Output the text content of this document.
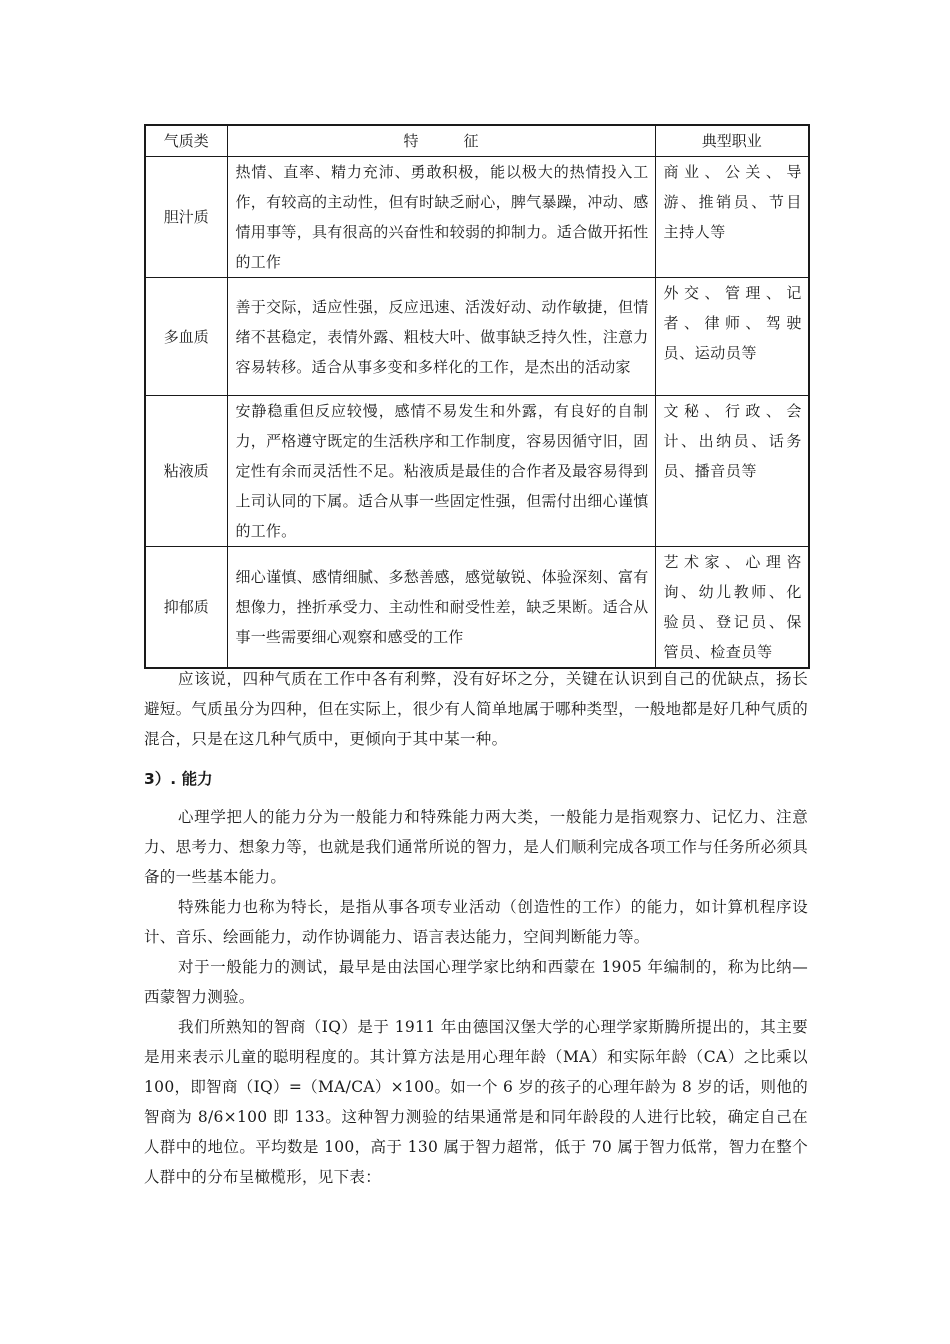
气质类	特　　　征	典型职业
胆汁质	热情、直率、精力充沛、勇敢积极，能以极大的热情投入工作，有较高的主动性，但有时缺乏耐心，脾气暴躁，冲动、感情用事等，具有很高的兴奋性和较弱的抑制力。适合做开拓性的工作	商业、公关、导游、推销员、节目主持人等
多血质	善于交际，适应性强，反应迅速、活泼好动、动作敏捷，但情绪不甚稳定，表情外露、粗枝大叶、做事缺乏持久性，注意力容易转移。适合从事多变和多样化的工作，是杰出的活动家	外交、管理、记者、律师、驾驶员、运动员等
粘液质	安静稳重但反应较慢，感情不易发生和外露，有良好的自制力，严格遵守既定的生活秩序和工作制度，容易因循守旧，固定性有余而灵活性不足。粘液质是最佳的合作者及最容易得到上司认同的下属。适合从事一些固定性强，但需付出细心谨慎的工作。	文秘、行政、会计、出纳员、话务员、播音员等
抑郁质	细心谨慎、感情细腻、多愁善感，感觉敏锐、体验深刻、富有想像力，挫折承受力、主动性和耐受性差，缺乏果断。适合从事一些需要细心观察和感受的工作	艺术家、心理咨询、幼儿教师、化验员、登记员、保管员、检查员等

应该说，四种气质在工作中各有利弊，没有好坏之分，关键在认识到自己的优缺点，扬长避短。气质虽分为四种，但在实际上，很少有人简单地属于哪种类型，一般地都是好几种气质的混合，只是在这几种气质中，更倾向于其中某一种。

3）. 能力

心理学把人的能力分为一般能力和特殊能力两大类，一般能力是指观察力、记忆力、注意力、思考力、想象力等，也就是我们通常所说的智力，是人们顺利完成各项工作与任务所必须具备的一些基本能力。

特殊能力也称为特长，是指从事各项专业活动（创造性的工作）的能力，如计算机程序设计、音乐、绘画能力，动作协调能力、语言表达能力，空间判断能力等。

对于一般能力的测试，最早是由法国心理学家比纳和西蒙在 1905 年编制的，称为比纳—西蒙智力测验。

我们所熟知的智商（IQ）是于 1911 年由德国汉堡大学的心理学家斯腾所提出的，其主要是用来表示儿童的聪明程度的。其计算方法是用心理年龄（MA）和实际年龄（CA）之比乘以 100，即智商（IQ）=（MA/CA）×100。如一个 6 岁的孩子的心理年龄为 8 岁的话，则他的智商为 8/6×100 即 133。这种智力测验的结果通常是和同年龄段的人进行比较，确定自己在人群中的地位。平均数是 100，高于 130 属于智力超常，低于 70 属于智力低常，智力在整个人群中的分布呈橄榄形，见下表：
